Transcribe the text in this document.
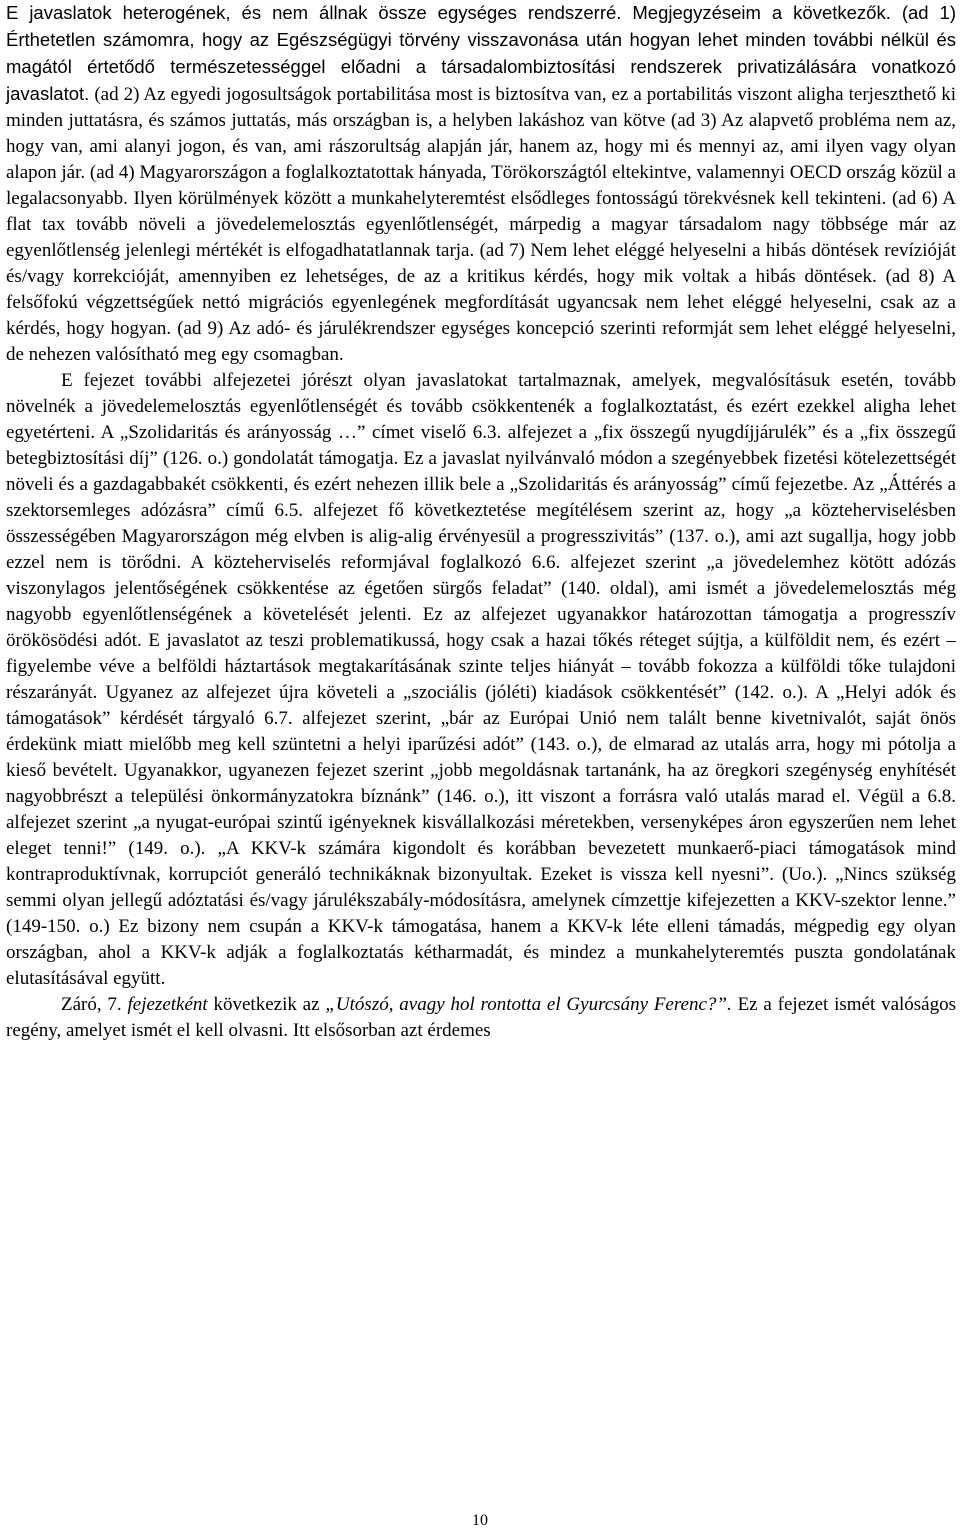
E javaslatok heterogének, és nem állnak össze egységes rendszerré. Megjegyzéseim a következők. (ad 1) Érthetetlen számomra, hogy az Egészségügyi törvény visszavonása után hogyan lehet minden további nélkül és magától értetődő természetességgel előadni a társadalombiztosítási rendszerek privatizálására vonatkozó javaslatot. (ad 2) Az egyedi jogosultságok portabilitása most is biztosítva van, ez a portabilitás viszont aligha terjeszthető ki minden juttatásra, és számos juttatás, más országban is, a helyben lakáshoz van kötve (ad 3) Az alapvető probléma nem az, hogy van, ami alanyi jogon, és van, ami rászorultság alapján jár, hanem az, hogy mi és mennyi az, ami ilyen vagy olyan alapon jár. (ad 4) Magyarországon a foglalkoztatottak hányada, Törökországtól eltekintve, valamennyi OECD ország közül a legalacsonyabb. Ilyen körülmények között a munkahelyteremtést elsődleges fontosságú törekvésnek kell tekinteni. (ad 6) A flat tax tovább növeli a jövedelemelosztás egyenlőtlenségét, márpedig a magyar társadalom nagy többsége már az egyenlőtlenség jelenlegi mértékét is elfogadhatatlannak tarja. (ad 7) Nem lehet eléggé helyeselni a hibás döntések revízióját és/vagy korrekcióját, amennyiben ez lehetséges, de az a kritikus kérdés, hogy mik voltak a hibás döntések. (ad 8) A felsőfokú végzettségűek nettó migrációs egyenlegének megfordítását ugyancsak nem lehet eléggé helyeselni, csak az a kérdés, hogy hogyan. (ad 9) Az adó- és járulékrendszer egységes koncepció szerinti reformját sem lehet eléggé helyeselni, de nehezen valósítható meg egy csomagban.

E fejezet további alfejezetei jórészt olyan javaslatokat tartalmaznak, amelyek, megvalósításuk esetén, tovább növelnék a jövedelemelosztás egyenlőtlenségét és tovább csökkentenék a foglalkoztatást, és ezért ezekkel aligha lehet egyetérteni. A „Szolidaritás és arányosság …” címet viselő 6.3. alfejezet a „fix összegű nyugdíjjárulék” és a „fix összegű betegbiztosítási díj” (126. o.) gondolatát támogatja. Ez a javaslat nyilvánvaló módon a szegényebbek fizetési kötelezettségét növeli és a gazdagabbakét csökkenti, és ezért nehezen illik bele a „Szolidaritás és arányosság” című fejezetbe. Az „Áttérés a szektorsemleges adózásra” című 6.5. alfejezet fő következtetése megítélésem szerint az, hogy „a közteherviselésben összességében Magyarországon még elvben is alig-alig érvényesül a progresszivitás” (137. o.), ami azt sugallja, hogy jobb ezzel nem is törődni. A közteherviselés reformjával foglalkozó 6.6. alfejezet szerint „a jövedelemhez kötött adózás viszonylagos jelentőségének csökkentése az égetően sürgős feladat” (140. oldal), ami ismét a jövedelemelosztás még nagyobb egyenlőtlenségének a követelését jelenti. Ez az alfejezet ugyanakkor határozottan támogatja a progresszív örökösödési adót. E javaslatot az teszi problematikussá, hogy csak a hazai tőkés réteget sújtja, a külföldit nem, és ezért – figyelembe véve a belföldi háztartások megtakarításának szinte teljes hiányát – tovább fokozza a külföldi tőke tulajdoni részarányát. Ugyanez az alfejezet újra követeli a „szociális (jóléti) kiadások csökkentését” (142. o.). A „Helyi adók és támogatások” kérdését tárgyaló 6.7. alfejezet szerint, „bár az Európai Unió nem talált benne kivetnivalót, saját önös érdekünk miatt mielőbb meg kell szüntetni a helyi iparűzési adót” (143. o.), de elmarad az utalás arra, hogy mi pótolja a kieső bevételt. Ugyanakkor, ugyanezen fejezet szerint „jobb megoldásnak tartanánk, ha az öregkori szegénység enyhítését nagyobbrészt a települési önkormányzatokra bíznánk” (146. o.), itt viszont a forrásra való utalás marad el. Végül a 6.8. alfejezet szerint „a nyugat-európai szintű igényeknek kisvállalkozási méretekben, versenyképes áron egyszerűen nem lehet eleget tenni!” (149. o.). „A KKV-k számára kigondolt és korábban bevezetett munkaerő-piaci támogatások mind kontraproduktívnak, korrupciót generáló technikáknak bizonyultak. Ezeket is vissza kell nyesni”. (Uo.). „Nincs szükség semmi olyan jellegű adóztatási és/vagy járulékszabály-módosításra, amelynek címzettje kifejezetten a KKV-szektor lenne.” (149-150. o.) Ez bizony nem csupán a KKV-k támogatása, hanem a KKV-k léte elleni támadás, mégpedig egy olyan országban, ahol a KKV-k adják a foglalkoztatás kétharmadát, és mindez a munkahelyteremtés puszta gondolatának elutasításával együtt.

Záró, 7. fejezetként következik az „Utószó, avagy hol rontotta el Gyurcsány Ferenc?”. Ez a fejezet ismét valóságos regény, amelyet ismét el kell olvasni. Itt elsősorban azt érdemes

10
